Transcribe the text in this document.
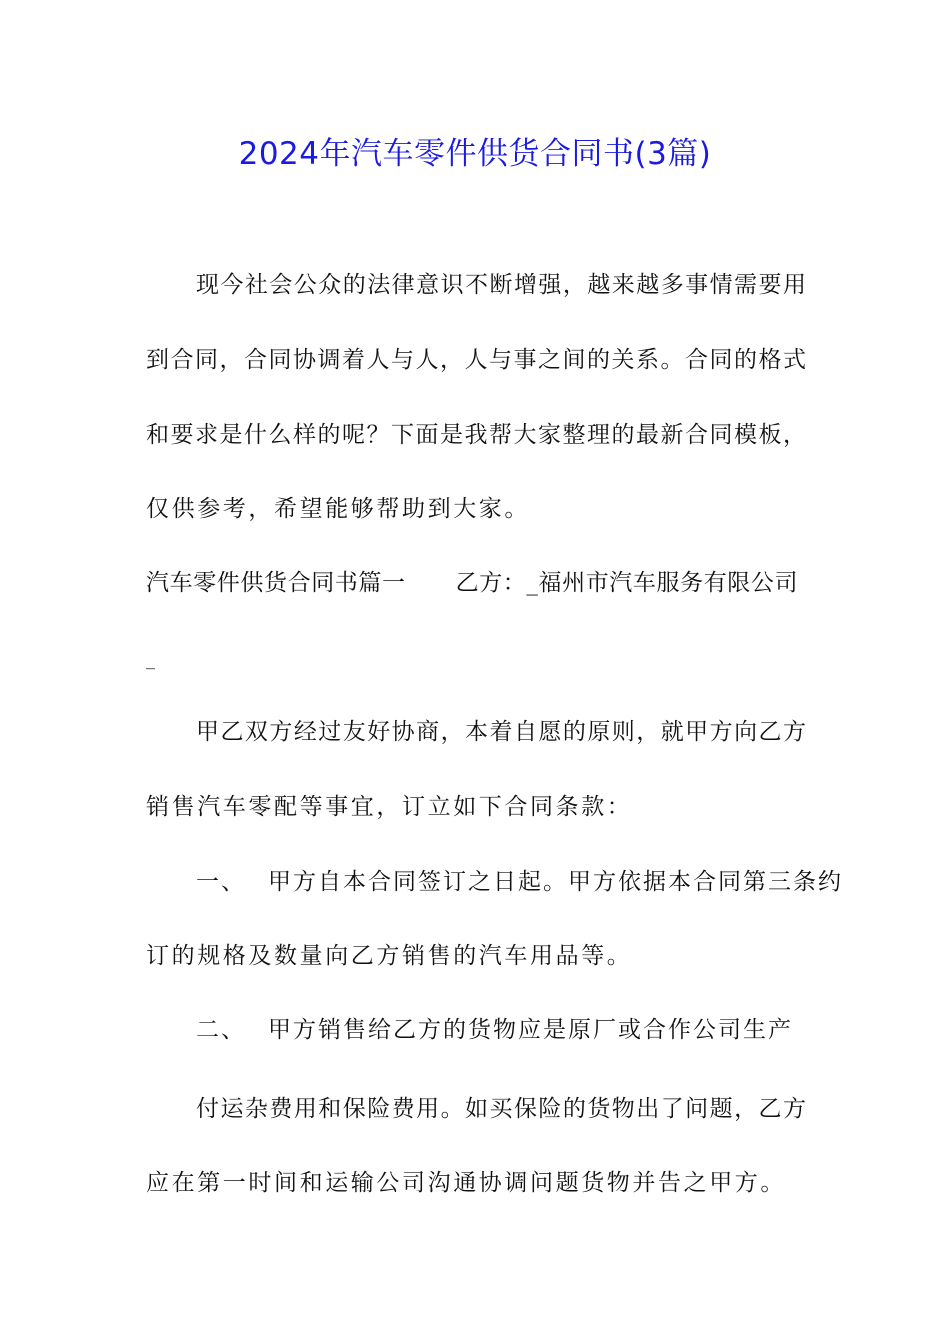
2024年汽车零件供货合同书(3篇)
现今社会公众的法律意识不断增强，越来越多事情需要用
到合同，合同协调着人与人，人与事之间的关系。合同的格式
和要求是什么样的呢？下面是我帮大家整理的最新合同模板，
仅供参考，希望能够帮助到大家。
汽车零件供货合同书篇一 乙方：_福州市汽车服务有限公司
_
甲乙双方经过友好协商，本着自愿的原则，就甲方向乙方
销售汽车零配等事宜，订立如下合同条款：
一、 甲方自本合同签订之日起。甲方依据本合同第三条约
订的规格及数量向乙方销售的汽车用品等。
二、 甲方销售给乙方的货物应是原厂或合作公司生产
付运杂费用和保险费用。如买保险的货物出了问题，乙方
应在第一时间和运输公司沟通协调问题货物并告之甲方。
